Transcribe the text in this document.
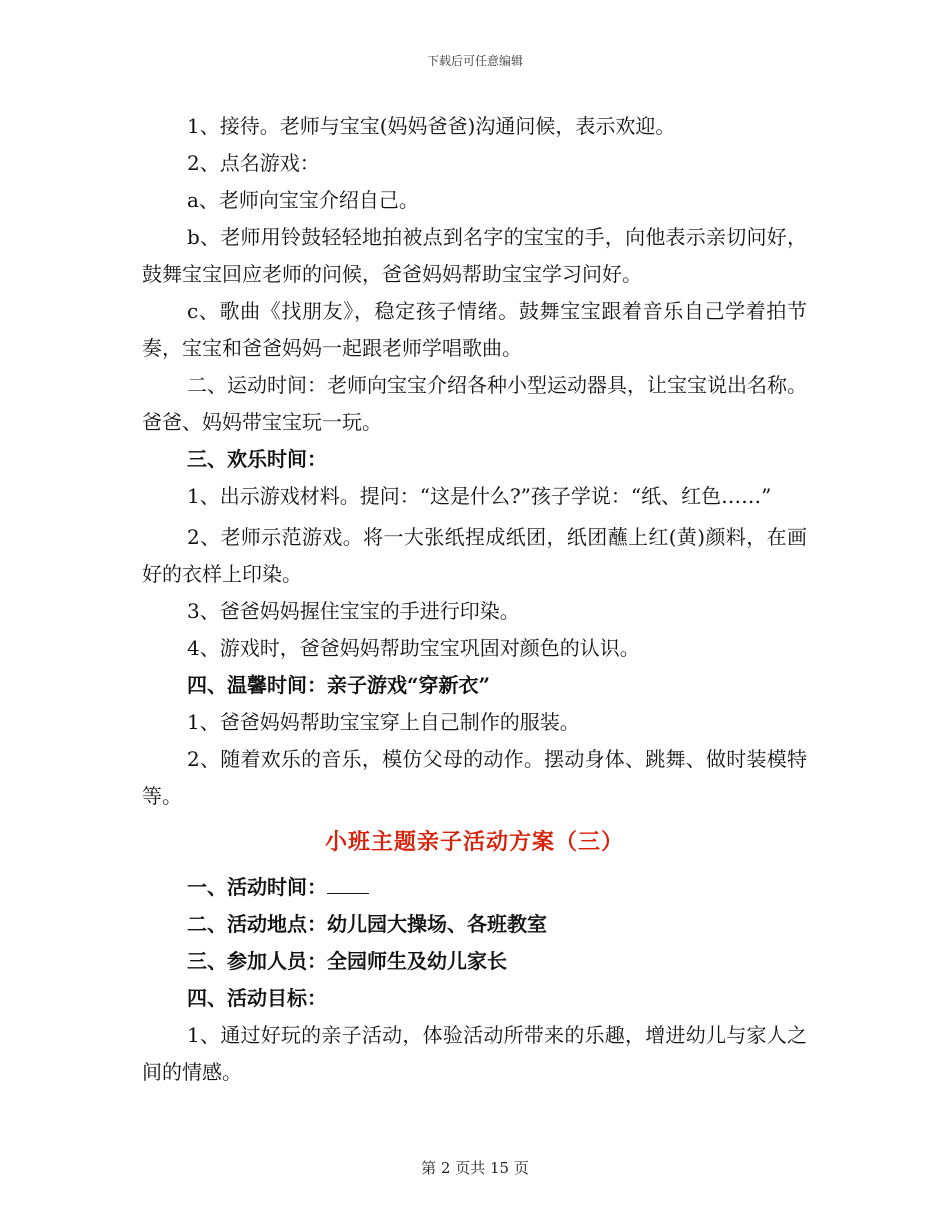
下载后可任意编辑

1、接待。老师与宝宝(妈妈爸爸)沟通问候，表示欢迎。

2、点名游戏：

a、老师向宝宝介绍自己。

b、老师用铃鼓轻轻地拍被点到名字的宝宝的手，向他表示亲切问好，鼓舞宝宝回应老师的问候，爸爸妈妈帮助宝宝学习问好。

c、歌曲《找朋友》，稳定孩子情绪。鼓舞宝宝跟着音乐自己学着拍节奏，宝宝和爸爸妈妈一起跟老师学唱歌曲。

二、运动时间：老师向宝宝介绍各种小型运动器具，让宝宝说出名称。爸爸、妈妈带宝宝玩一玩。

三、欢乐时间：

1、出示游戏材料。提问：“这是什么?”孩子学说：“纸、红色……”

2、老师示范游戏。将一大张纸捏成纸团，纸团蘸上红(黄)颜料，在画好的衣样上印染。

3、爸爸妈妈握住宝宝的手进行印染。

4、游戏时，爸爸妈妈帮助宝宝巩固对颜色的认识。

四、温馨时间：亲子游戏“穿新衣”

1、爸爸妈妈帮助宝宝穿上自己制作的服装。

2、随着欢乐的音乐，模仿父母的动作。摆动身体、跳舞、做时装模特等。

小班主题亲子活动方案（三）

一、活动时间：

二、活动地点：幼儿园大操场、各班教室

三、参加人员：全园师生及幼儿家长

四、活动目标：

1、通过好玩的亲子活动，体验活动所带来的乐趣，增进幼儿与家人之间的情感。

第 2 页共 15 页
